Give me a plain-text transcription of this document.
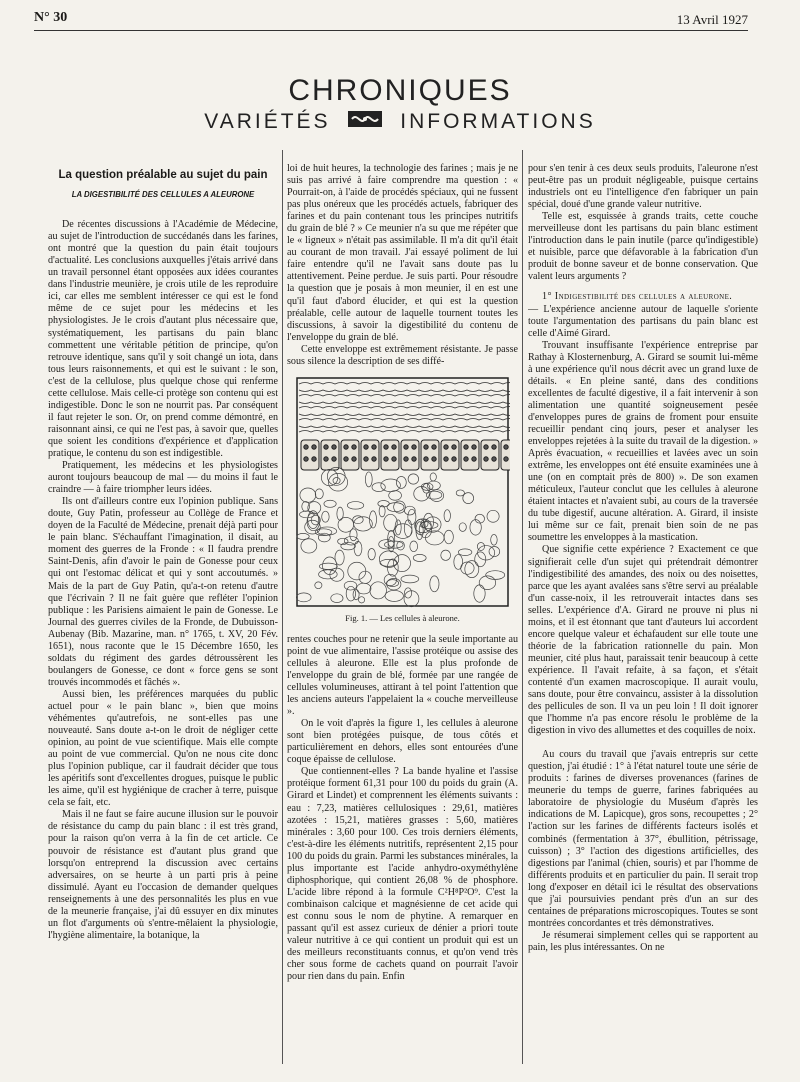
N° 30	13 Avril 1927
CHRONIQUES
VARIÉTÉS	INFORMATIONS
La question préalable au sujet du pain
LA DIGESTIBILITÉ DES CELLULES A ALEURONE

De récentes discussions à l'Académie de Médecine, au sujet de l'introduction de succédanés dans les farines, ont montré que la question du pain était toujours d'actualité. Les conclusions auxquelles j'étais arrivé dans un travail personnel étant opposées aux idées courantes dans l'industrie meunière, je crois utile de les reproduire ici, car elles me semblent intéresser ce qui est le fond même de ce sujet pour les médecins et les physiologistes. Je le crois d'autant plus nécessaire que, systématiquement, les partisans du pain blanc commettent une véritable pétition de principe, qu'on retrouve identique, sans qu'il y soit changé un iota, dans tous leurs raisonnements, et qui est le suivant : le son, c'est de la cellulose, plus quelque chose qui renferme cette cellulose. Mais celle-ci protège son contenu qui est indigestible. Donc le son ne nourrit pas. Par conséquent il faut rejeter le son. Or, on prend comme démontré, en raisonnant ainsi, ce qui ne l'est pas, à savoir que, quelles que soient les conditions d'expérience et d'application pratique, le contenu du son est indigestible.

Pratiquement, les médecins et les physiologistes auront toujours beaucoup de mal — du moins il faut le craindre — à faire triompher leurs idées.

Ils ont d'ailleurs contre eux l'opinion publique. Sans doute, Guy Patin, professeur au Collège de France et doyen de la Faculté de Médecine, prenait déjà parti pour le pain blanc. S'échauffant l'imagination, il disait, au moment des guerres de la Fronde : « Il faudra prendre Saint-Denis, afin d'avoir le pain de Gonesse pour ceux qui ont l'estomac délicat et qui y sont accoutumés. » Mais de la part de Guy Patin, qu'a-t-on retenu d'autre que l'écrivain ? Il ne fait guère que refléter l'opinion publique : les Parisiens aimaient le pain de Gonesse. Le Journal des guerres civiles de la Fronde, de Dubuisson-Aubenay (Bib. Mazarine, man. n° 1765, t. XV, 20 Fév. 1651), nous raconte que le 15 Décembre 1650, les soldats du régiment des gardes détroussèrent les boulangers de Gonesse, ce dont « force gens se sont trouvés incommodés et fâchés ».

Aussi bien, les préférences marquées du public actuel pour « le pain blanc », bien que moins véhémentes qu'autrefois, ne sont-elles pas une nouveauté. Sans doute a-t-on le droit de négliger cette opinion, au point de vue scientifique. Mais elle compte au point de vue commercial. Qu'on ne nous cite donc plus l'opinion publique, car il faudrait décider que tous les apéritifs sont d'excellentes drogues, puisque le public les aime, qu'il est hygiénique de cracher à terre, puisque cela se fait, etc.

Mais il ne faut se faire aucune illusion sur le pouvoir de résistance du camp du pain blanc : il est très grand, pour la raison qu'on verra à la fin de cet article. Ce pouvoir de résistance est d'autant plus grand que lorsqu'on entreprend la discussion avec certains adversaires, on se heurte à un parti pris à peine dissimulé. Ayant eu l'occasion de demander quelques renseignements à une des personnalités les plus en vue de la meunerie française, j'ai dû essuyer en dix minutes un flot d'arguments où s'entre-mêlaient la physiologie, l'hygiène alimentaire, la botanique, la

loi de huit heures, la technologie des farines ; mais je ne suis pas arrivé à faire comprendre ma question : « Pourrait-on, à l'aide de procédés spéciaux, qui ne fussent pas plus onéreux que les procédés actuels, fabriquer des farines et du pain contenant tous les principes nutritifs du grain de blé ? » Ce meunier n'a su que me répéter que le « ligneux » n'était pas assimilable. Il m'a dit qu'il était au courant de mon travail. J'ai essayé poliment de lui faire entendre qu'il ne l'avait sans doute pas lu attentivement. Peine perdue. Je suis parti. Pour résoudre la question que je posais à mon meunier, il en est une qu'il faut d'abord élucider, et qui est la question préalable, celle autour de laquelle tournent toutes les discussions, à savoir la digestibilité du contenu de l'enveloppe du grain de blé.

Cette enveloppe est extrêmement résistante. Je passe sous silence la description de ses diffé-

Fig. 1. — Les cellules à aleurone.

rentes couches pour ne retenir que la seule importante au point de vue alimentaire, l'assise protéique ou assise des cellules à aleurone. Elle est la plus profonde de l'enveloppe du grain de blé, formée par une rangée de cellules volumineuses, attirant à tel point l'attention que les anciens auteurs l'appelaient la « couche merveilleuse ».

On le voit d'après la figure 1, les cellules à aleurone sont bien protégées puisque, de tous côtés et particulièrement en dehors, elles sont entourées d'une coque épaisse de cellulose.

Que contiennent-elles ? La bande hyaline et l'assise protéique forment 61,31 pour 100 du poids du grain (A. Girard et Lindet) et comprennent les éléments suivants : eau : 7,23, matières cellulosiques : 29,61, matières azotées : 15,21, matières grasses : 5,60, matières minérales : 3,60 pour 100. Ces trois derniers éléments, c'est-à-dire les éléments nutritifs, représentent 2,15 pour 100 du poids du grain. Parmi les substances minérales, la plus importante est l'acide anhydro-oxyméthylène diphosphorique, qui contient 26,08 % de phosphore. L'acide libre répond à la formule C²H⁸P²O⁹. C'est la combinaison calcique et magnésienne de cet acide qui est connu sous le nom de phytine. A remarquer en passant qu'il est assez curieux de dénier a priori toute valeur nutritive à ce qui contient un produit qui est un des meilleurs reconstituants connus, et qu'on vend très cher sous forme de cachets quand on pourrait l'avoir pour rien dans du pain. Enfin

pour s'en tenir à ces deux seuls produits, l'aleurone n'est peut-être pas un produit négligeable, puisque certains industriels ont eu l'intelligence d'en fabriquer un pain spécial, doué d'une grande valeur nutritive.

Telle est, esquissée à grands traits, cette couche merveilleuse dont les partisans du pain blanc estiment l'introduction dans le pain inutile (parce qu'indigestible) et nuisible, parce que défavorable à la fabrication d'un produit de bonne saveur et de bonne conservation. Que valent leurs arguments ?

1° Indigestibilité des cellules a aleurone.

— L'expérience ancienne autour de laquelle s'oriente toute l'argumentation des partisans du pain blanc est celle d'Aimé Girard.

Trouvant insuffisante l'expérience entreprise par Rathay à Klosternenburg, A. Girard se soumit lui-même à une expérience qu'il nous décrit avec un grand luxe de détails. « En pleine santé, dans des conditions excellentes de faculté digestive, il a fait intervenir à son alimentation une quantité soigneusement pesée d'enveloppes pures de grains de froment pour ensuite recueillir pendant cinq jours, peser et analyser les enveloppes rejetées à la suite du travail de la digestion. » Après évacuation, « recueillies et lavées avec un soin extrême, les enveloppes ont été ensuite examinées une à une (on en comptait près de 800) ». De son examen méticuleux, l'auteur conclut que les cellules à aleurone étaient intactes et n'avaient subi, au cours de la traversée du tube digestif, aucune altération. A. Girard, il insiste lui même sur ce fait, prenait bien soin de ne pas soumettre les enveloppes à la mastication.

Que signifie cette expérience ? Exactement ce que signifierait celle d'un sujet qui prétendrait démontrer l'indigestibilité des amandes, des noix ou des noisettes, parce que les ayant avalées sans s'être servi au préalable d'un casse-noix, il les retrouverait intactes dans ses selles. L'expérience d'A. Girard ne prouve ni plus ni moins, et il est étonnant que tant d'auteurs lui accordent encore quelque valeur et échafaudent sur elle toute une théorie de la fabrication rationnelle du pain. Mon meunier, cité plus haut, paraissait tenir beaucoup à cette expérience. Il l'avait refaite, à sa façon, et s'était contenté d'un examen macroscopique. Il aurait voulu, sans doute, pour être convaincu, assister à la dissolution des pellicules de son. Il va un peu loin ! Il doit ignorer que l'homme n'a pas encore résolu le problème de la digestion in vivo des allumettes et des coquilles de noix.

Au cours du travail que j'avais entrepris sur cette question, j'ai étudié : 1° à l'état naturel toute une série de produits : farines de diverses provenances (farines de meunerie du temps de guerre, farines fabriquées au laboratoire de physiologie du Muséum d'après les indications de M. Lapicque), gros sons, recoupettes ; 2° l'action sur les farines de différents facteurs isolés et combinés (fermentation à 37°, ébullition, pétrissage, cuisson) ; 3° l'action des digestions artificielles, des digestions par l'animal (chien, souris) et par l'homme de différents produits et en particulier du pain. Il serait trop long d'exposer en détail ici le résultat des observations que j'ai poursuivies pendant près d'un an sur des centaines de préparations microscopiques. Toutes se sont montrées concordantes et très démonstratives.

Je résumerai simplement celles qui se rapportent au pain, les plus intéressantes. On ne
